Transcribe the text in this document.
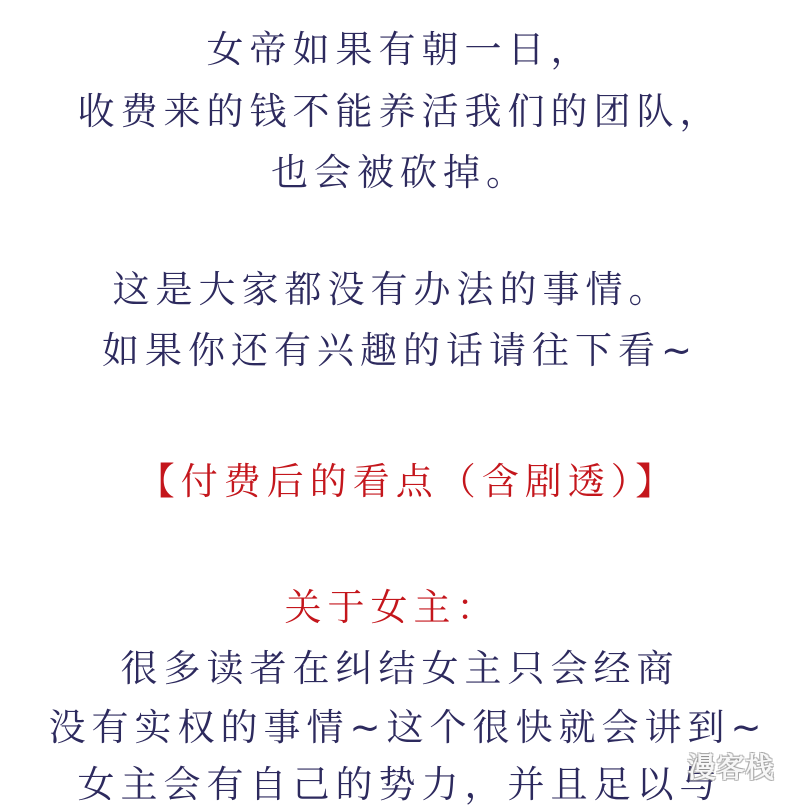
女帝如果有朝一日，
收费来的钱不能养活我们的团队，
也会被砍掉。
这是大家都没有办法的事情。
如果你还有兴趣的话请往下看~
【付费后的看点（含剧透）】
关于女主：
很多读者在纠结女主只会经商
没有实权的事情~这个很快就会讲到~
女主会有自己的势力，并且足以与
漫客栈
